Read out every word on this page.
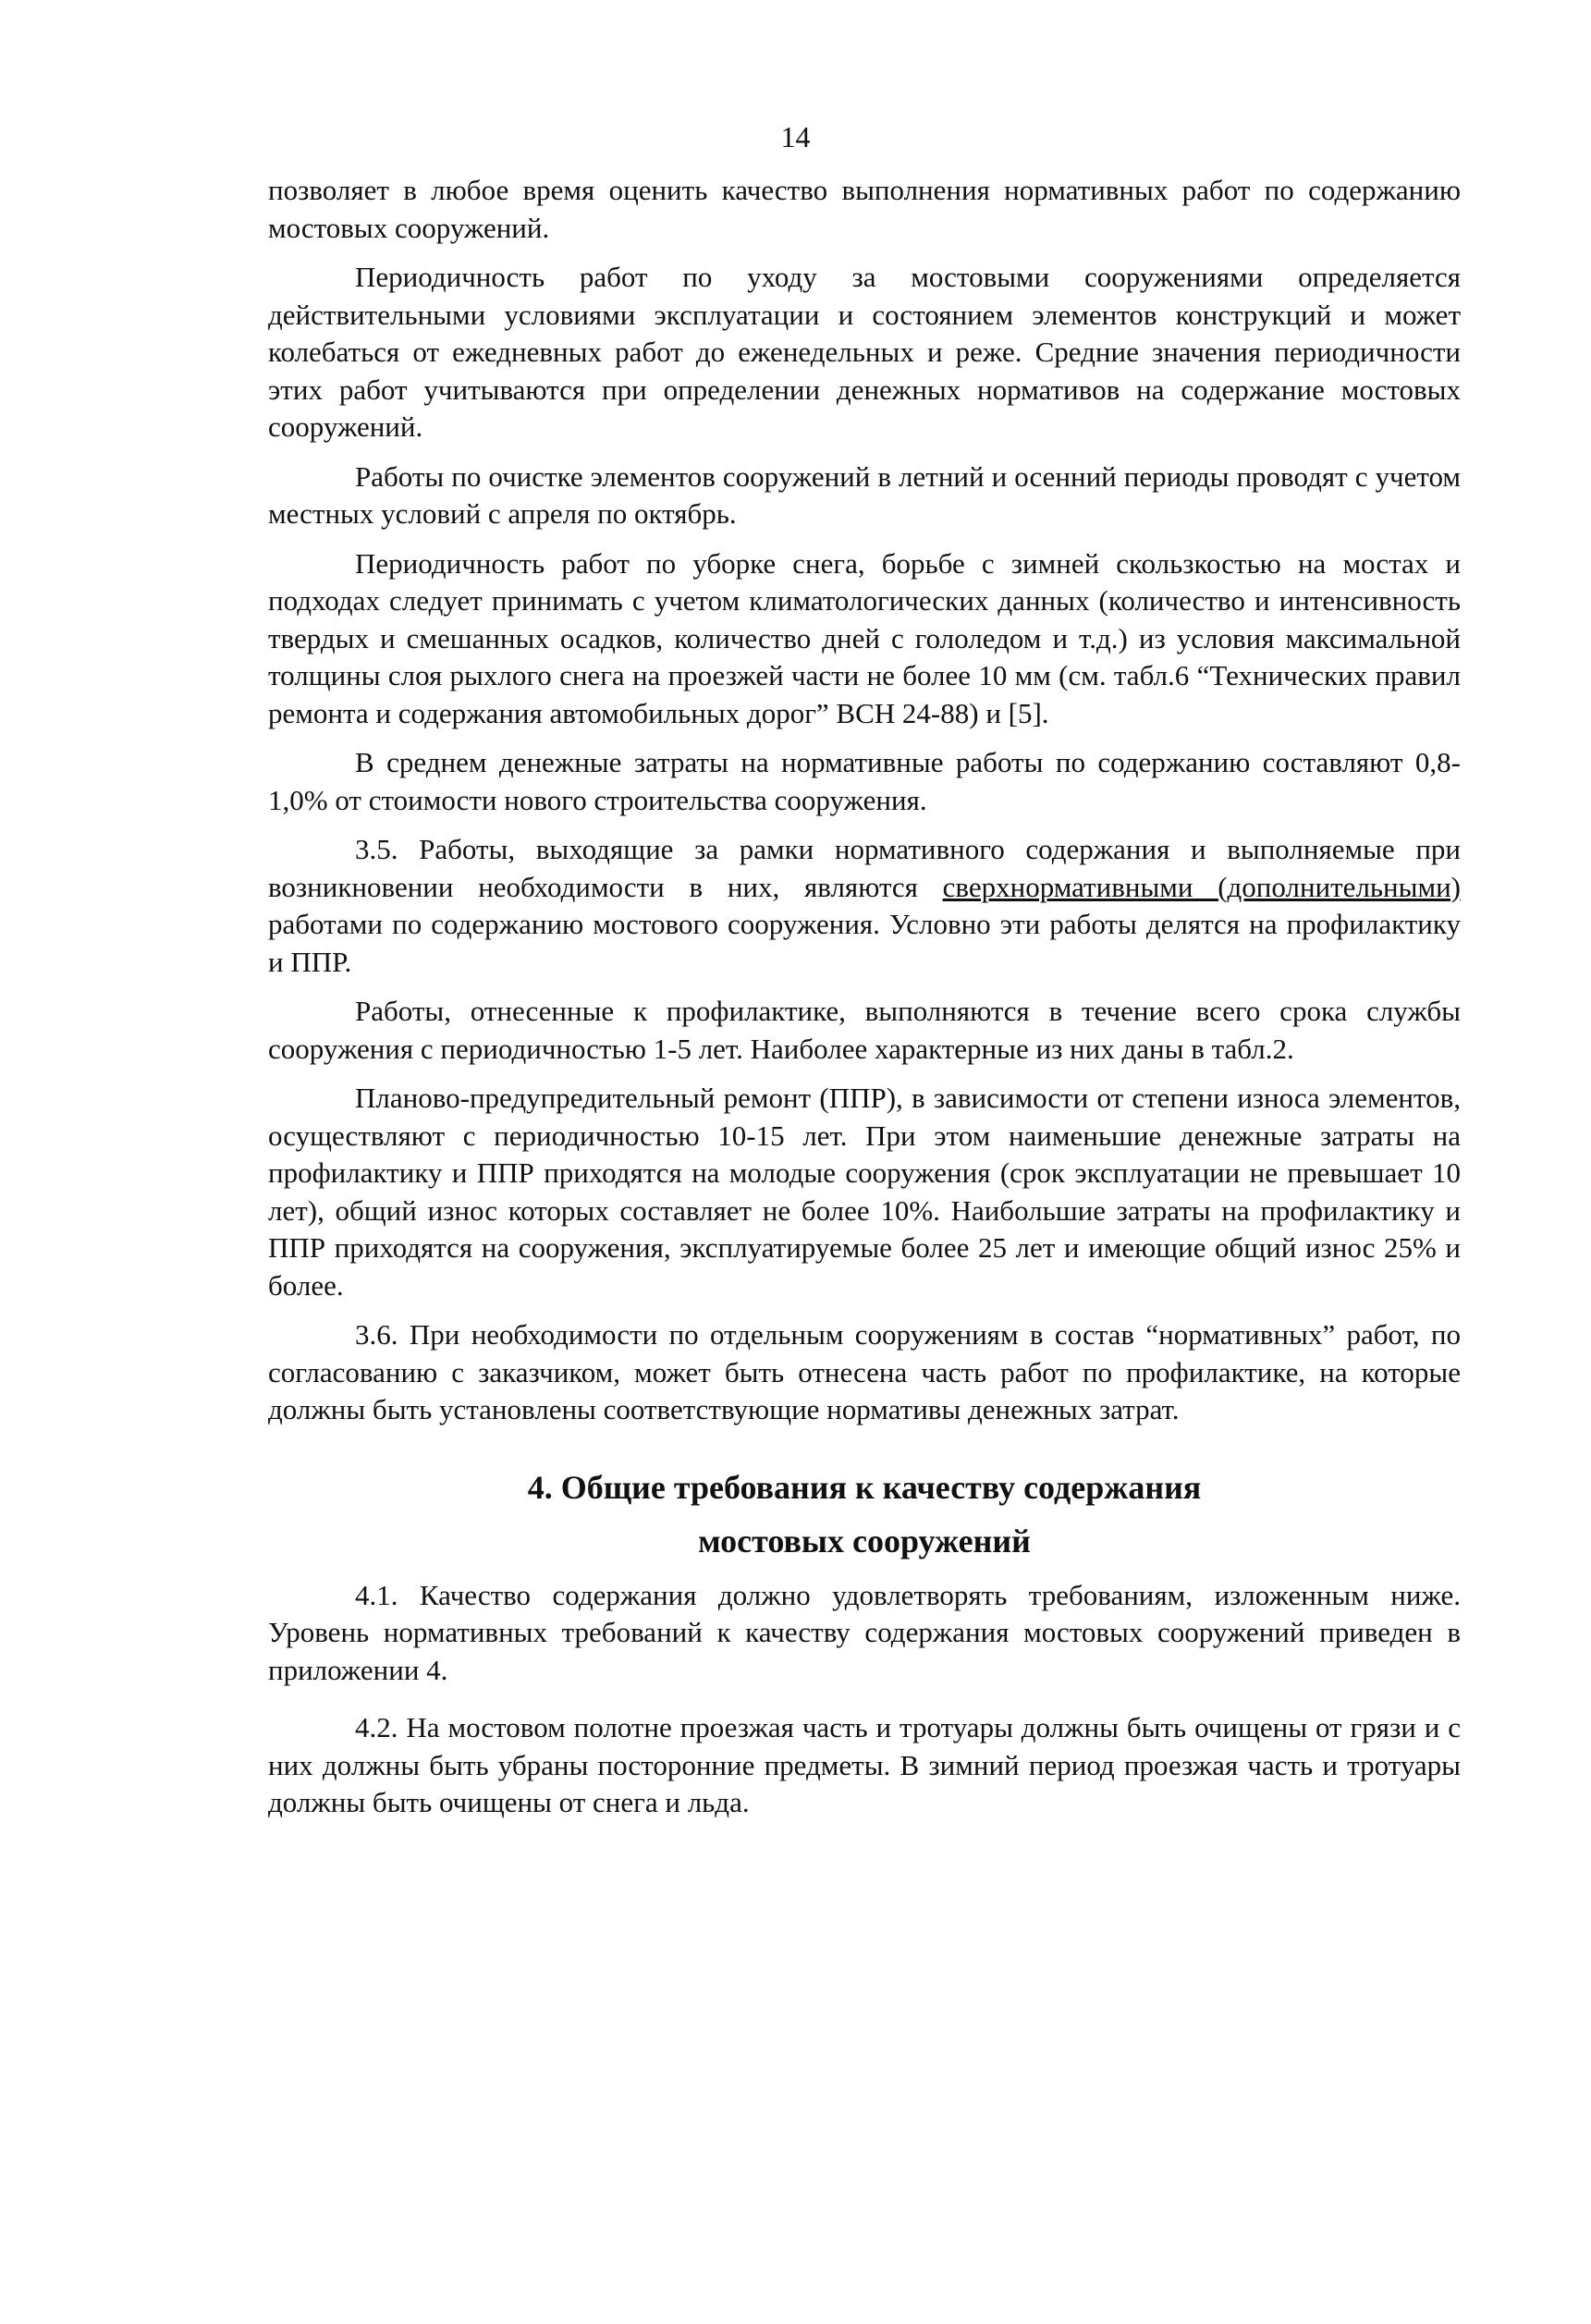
14

позволяет в любое время оценить качество выполнения нормативных работ по содержанию мостовых сооружений.

Периодичность работ по уходу за мостовыми сооружениями определяется действительными условиями эксплуатации и состоянием элементов конструкций и может колебаться от ежедневных работ до еженедельных и реже. Средние значения периодичности этих работ учитываются при определении денежных нормативов на содержание мостовых сооружений.

Работы по очистке элементов сооружений в летний и осенний периоды проводят с учетом местных условий с апреля по октябрь.

Периодичность работ по уборке снега, борьбе с зимней скользкостью на мостах и подходах следует принимать с учетом климатологических данных (количество и интенсивность твердых и смешанных осадков, количество дней с гололедом и т.д.) из условия максимальной толщины слоя рыхлого снега на проезжей части не более 10 мм (см. табл.6 “Технических правил ремонта и содержания автомобильных дорог” ВСН 24-88) и [5].

В среднем денежные затраты на нормативные работы по содержанию составляют 0,8-1,0% от стоимости нового строительства сооружения.

3.5. Работы, выходящие за рамки нормативного содержания и выполняемые при возникновении необходимости в них, являются сверхнормативными (дополнительными) работами по содержанию мостового сооружения. Условно эти работы делятся на профилактику и ППР.

Работы, отнесенные к профилактике, выполняются в течение всего срока службы сооружения с периодичностью 1-5 лет. Наиболее характерные из них даны в табл.2.

Планово-предупредительный ремонт (ППР), в зависимости от степени износа элементов, осуществляют с периодичностью 10-15 лет. При этом наименьшие денежные затраты на профилактику и ППР приходятся на молодые сооружения (срок эксплуатации не превышает 10 лет), общий износ которых составляет не более 10%. Наибольшие затраты на профилактику и ППР приходятся на сооружения, эксплуатируемые более 25 лет и имеющие общий износ 25% и более.

3.6. При необходимости по отдельным сооружениям в состав “нормативных” работ, по согласованию с заказчиком, может быть отнесена часть работ по профилактике, на которые должны быть установлены соответствующие нормативы денежных затрат.

4. Общие требования к качеству содержания
мостовых сооружений

4.1. Качество содержания должно удовлетворять требованиям, изложенным ниже. Уровень нормативных требований к качеству содержания мостовых сооружений приведен в приложении 4.

4.2. На мостовом полотне проезжая часть и тротуары должны быть очищены от грязи и с них должны быть убраны посторонние предметы. В зимний период проезжая часть и тротуары должны быть очищены от снега и льда.
